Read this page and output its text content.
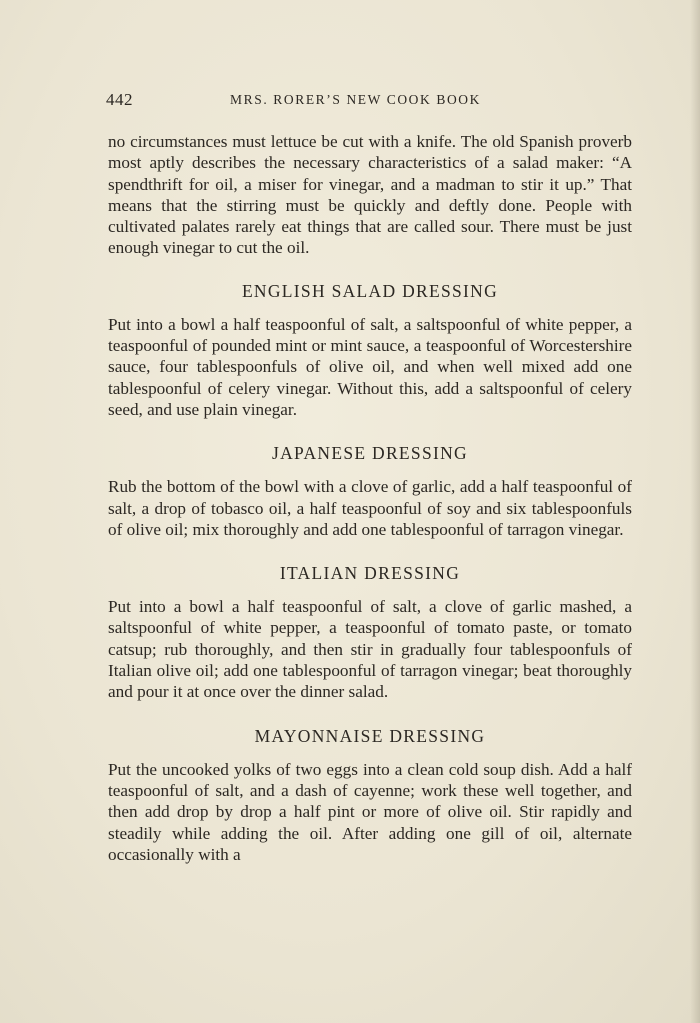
442	MRS. RORER’S NEW COOK BOOK

no circumstances must lettuce be cut with a knife. The old Spanish proverb most aptly describes the necessary characteristics of a salad maker: “A spendthrift for oil, a miser for vinegar, and a madman to stir it up.” That means that the stirring must be quickly and deftly done. People with cultivated palates rarely eat things that are called sour. There must be just enough vinegar to cut the oil.

ENGLISH SALAD DRESSING

Put into a bowl a half teaspoonful of salt, a saltspoonful of white pepper, a teaspoonful of pounded mint or mint sauce, a teaspoonful of Worcestershire sauce, four tablespoonfuls of olive oil, and when well mixed add one tablespoonful of celery vinegar. Without this, add a saltspoonful of celery seed, and use plain vinegar.

JAPANESE DRESSING

Rub the bottom of the bowl with a clove of garlic, add a half teaspoonful of salt, a drop of tobasco oil, a half teaspoonful of soy and six tablespoonfuls of olive oil; mix thoroughly and add one tablespoonful of tarragon vinegar.

ITALIAN DRESSING

Put into a bowl a half teaspoonful of salt, a clove of garlic mashed, a saltspoonful of white pepper, a teaspoonful of tomato paste, or tomato catsup; rub thoroughly, and then stir in gradually four tablespoonfuls of Italian olive oil; add one tablespoonful of tarragon vinegar; beat thoroughly and pour it at once over the dinner salad.

MAYONNAISE DRESSING

Put the uncooked yolks of two eggs into a clean cold soup dish. Add a half teaspoonful of salt, and a dash of cayenne; work these well together, and then add drop by drop a half pint or more of olive oil. Stir rapidly and steadily while adding the oil. After adding one gill of oil, alternate occasionally with a
